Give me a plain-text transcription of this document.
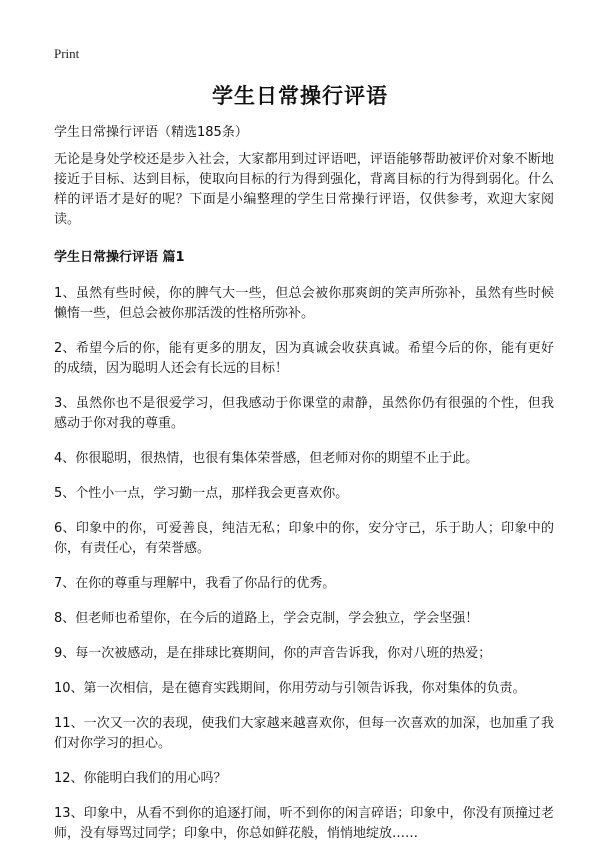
Print
学生日常操行评语
学生日常操行评语（精选185条）

无论是身处学校还是步入社会，大家都用到过评语吧，评语能够帮助被评价对象不断地接近于目标、达到目标，使取向目标的行为得到强化，背离目标的行为得到弱化。什么样的评语才是好的呢？下面是小编整理的学生日常操行评语，仅供参考，欢迎大家阅读。

学生日常操行评语 篇1

1、虽然有些时候，你的脾气大一些，但总会被你那爽朗的笑声所弥补，虽然有些时候懒惰一些，但总会被你那活泼的性格所弥补。

2、希望今后的你，能有更多的朋友，因为真诚会收获真诚。希望今后的你，能有更好的成绩，因为聪明人还会有长远的目标！

3、虽然你也不是很爱学习，但我感动于你课堂的肃静，虽然你仍有很强的个性，但我感动于你对我的尊重。

4、你很聪明，很热情，也很有集体荣誉感，但老师对你的期望不止于此。

5、个性小一点，学习勤一点，那样我会更喜欢你。

6、印象中的你，可爱善良，纯洁无私；印象中的你，安分守己，乐于助人；印象中的你，有责任心，有荣誉感。

7、在你的尊重与理解中，我看了你品行的优秀。

8、但老师也希望你，在今后的道路上，学会克制，学会独立，学会坚强！

9、每一次被感动，是在排球比赛期间，你的声音告诉我，你对八班的热爱；

10、第一次相信，是在德育实践期间，你用劳动与引领告诉我，你对集体的负责。

11、一次又一次的表现，使我们大家越来越喜欢你，但每一次喜欢的加深，也加重了我们对你学习的担心。

12、你能明白我们的用心吗？

13、印象中，从看不到你的追逐打闹，听不到你的闲言碎语；印象中，你没有顶撞过老师，没有辱骂过同学；印象中，你总如鲜花般，悄悄地绽放……
